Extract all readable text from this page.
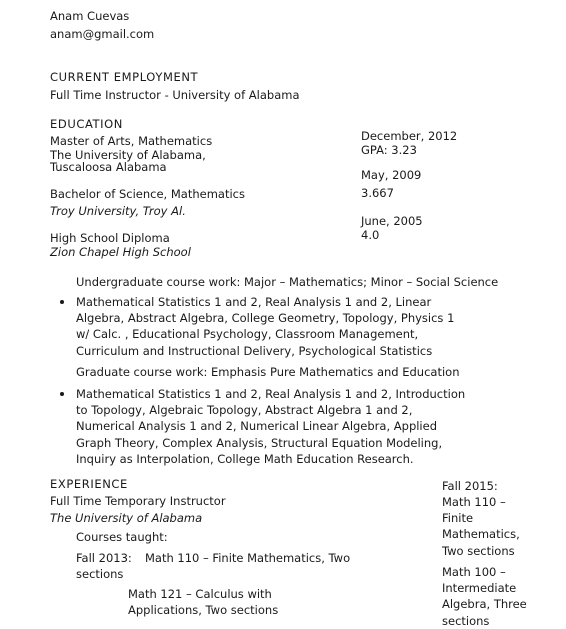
Anam Cuevas
anam@gmail.com
CURRENT EMPLOYMENT
Full Time Instructor - University of Alabama
EDUCATION
Master of Arts, Mathematics
The University of Alabama,
Tuscaloosa Alabama
December, 2012
GPA: 3.23
Bachelor of Science, Mathematics
Troy University, Troy Al.
May, 2009
3.667
High School Diploma
Zion Chapel High School
June, 2005
4.0
Undergraduate course work: Major – Mathematics; Minor – Social Science
Mathematical Statistics 1 and 2, Real Analysis 1 and 2, Linear Algebra, Abstract Algebra, College Geometry, Topology, Physics 1 w/ Calc. , Educational Psychology, Classroom Management, Curriculum and Instructional Delivery, Psychological Statistics
Graduate course work: Emphasis Pure Mathematics and Education
Mathematical Statistics 1 and 2, Real Analysis 1 and 2, Introduction to Topology, Algebraic Topology, Abstract Algebra 1 and 2, Numerical Analysis 1 and 2, Numerical Linear Algebra, Applied Graph Theory, Complex Analysis, Structural Equation Modeling, Inquiry as Interpolation, College Math Education Research.
EXPERIENCE
Full Time Temporary Instructor
The University of Alabama
Courses taught:
Fall 2013: Math 110 – Finite Mathematics, Two
sections
Math 121 – Calculus with Applications, Two sections
Fall 2015:
Math 110 – Finite Mathematics, Two sections
Math 100 – Intermediate Algebra, Three sections
